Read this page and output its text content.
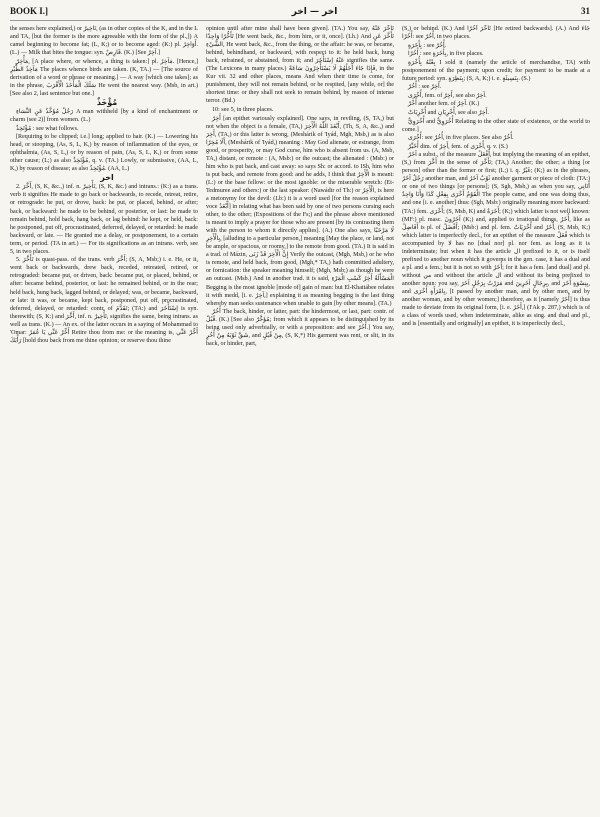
BOOK I.]	اخر — اخر	31

the senses here explained,) or تَأْخِيرٌ, (as in other copies of the K, and in the L and TA, [but the former is the more agreeable with the form of the pl.,]) A camel beginning to become fat; (L, K;) or to become aged: (K:) pl. أَوَاخِرُ. (L.) — Milk that bites the tongue: syn. قَارِصٌ. (K.) [See آخِرٌ.]

مَأْخِرٌ, [A place where, or whence, a thing is taken:] pl. مَآخِرُ. [Hence,] مَآخِذُ الطَّيْرِ The places whence birds are taken. (K, TA.) — [The source of derivation of a word or phrase or meaning.] — A way [which one takes]; as in the phrase, سَلَكَ الْمَأْخَذَ الْأَقْرَبَ He went the nearest way. (Msb, in art.) [See also 2, last sentence but one.]

مُؤْخَذٌ

رَجُلٌ مُؤَخَّذٌ عَنِ النِّسَاءِ A man withheld [by a kind of enchantment or charm (see 2)] from women. (L.)

مُؤْتَخِذٌ : see what follows.

[Requiring to be clipped; i.e.] long; applied to hair. (K.) — Lowering his head, or stooping, (As, S, L, K,) by reason of inflammation of the eyes, or ophthalmia, (As, S, L,) or by reason of pain, (As, S, L, K,) or from some other cause; (L;) as also مُؤْتَخِذٌ, q. v. (TA.) Lowly, or submissive, (AA, L, K,) by reason of disease; as also مُؤْتَخِذٌ. (AA, L.)

اخر

2. أَخَّرَ, (S, K, &c.,) inf. n. تَأْخِيرٌ, (S, K, &c.) and intrans.: (K:) as a trans. verb it signifies He made to go back or backwards, to recede, retreat, retire, or retrograde: he put, or drove, back: he put, or placed, behind, or after; back, or backward: he made to be behind, or posterior, or last: he made to remain behind, hold back, hang back, or lag behind: he kept, or held, back: he postponed, put off, procrastinated, deferred, delayed, or retarded: he made backward, or late. — He granted me a delay, or postponement, to a certain term, or period. (TA in art.) — For its significations as an intrans. verb, see 5, in two places.

5. تَأَخَّرَ is quasi-pass. of the trans. verb أَخَّرَ; (S, A, Msb;) i. e. He, or it, went back or backwards, drew back, receded, retreated, retired, or retrograded: became put, or driven, back: became put, or placed, behind, or after: became behind, posterior, or last: he remained behind, or in the rear; held back, hung back, lagged behind, or delayed; was, or became, backward, or late: it was, or became, kept back, postponed, put off, procrastinated, deferred, delayed, or retarded: contr. of تَقَدَّمَ; (TA:) and اِسْتَأْخَرَ is syn. therewith; (S, K:) and أَخَّرَ, inf. n. تَأْخِيرٌ, signifies the same, being intrans. as well as trans. (K.) — An ex. of the latter occurs in a saying of Mohammad to 'Omar: أَخِّرْ عَنِّي يَا عُمَرُ Retire thou from me: or the meaning is, أَخِّرْ عَنِّي رَأْيَكَ [hold thou back from me thine opinion; or reserve thou thine

opinion until after mine shall have been given]. (TA.) You say, تَأَخَّرَ عَنْهُ تَأَخُّرًا وَاحِدًا [He went back, &c., from him, or it, once]. (Lh.) And تَأَخَّرَ عَنِ الشَّيْءِ, He went back, &c., from the thing, or the affair: he was, or became, behind, behindhand, or backward, with respect to it: he held back, hung back, refrained, or abstained, from it; and عَنْهُ اِسْتَأْخَرَ signifies the same. (The Lexicons in many places.) فَإِذَا جَاءَ أَجَلُهُمْ لَا يَسْتَأْخِرُونَ سَاعَةً, in the Kur vii. 32 and other places, means And when their time is come, for punishment, they will not remain behind, or be respited, [any while, or] the shortest time: or they shall not seek to remain behind, by reason of intense terror. (Bd.)

10: see 5, in three places.

أَخِرٌ [an epithet variously explained]. One says, in reviling, (S, TA,) but not when the object is a female, (TA,) أَبْعَدَ اللّٰهُ الْأَخِرَ, (Th, S, A, &c.,) and أَخِرَ, (TA,) or this latter is wrong, (Meshárik of 'Iyád, Mgh, Msb,) as is also أَلَا مُخِرًا, (Meshárik of 'Iyád,) meaning : May God alienate, or estrange, from good, or prosperity, or may God curse, him who is absent from us. (A, Msb, TA,) distant, or remote : (A, Msb:) or the outcast; the alienated : (Msb:) or him who is put back, and cast away: so says Sh: or accord. to ISh, him who is put back, and remote from good: and he adds, I think that الْأَخِرُ is meant: (L:) or the base fellow: or the most ignoble: or the miserable wretch: (Et-Tedmuree and others:) or the last speaker: (Nawádir of Th:) or الْأَخِرُ, is here a metonymy for the devil: (Lb:) it is a word used [for the reason explained voce أَبْعَدُ] in relating what has been said by one of two persons cursing each other, to the other; (Expositions of the Fs;) and the phrase above mentioned is meant to imply a prayer for those who are present [by its contrasting them with the person to whom it directly applies]. (A.) One also says, لَا مَرْحَبًا بِالْأَخِرِ, [alluding to a particular person,] meaning [May the place, or land, not be ample, or spacious, or roomy,] to the remote from good. (TA.) It is said in a trad. of Mázin, إِنَّ الْأَخِرَ قَدْ زَنَى Verily the outcast, (Mgh, Msb,) or he who is remote, and held back, from good, (Mgh,* TA,) hath committed adultery, or fornication: the speaker meaning himself; (Mgh, Msb;) as though he were an outcast. (Msb.) And in another trad. it is said, الْمَسْأَلَةُ أَخِرُ كَسْبِ الْمَرْءِ Begging is the most ignoble [mode of] gain of man: but El-Khattábee relates it with medd, [i. e. آخِرُ,] explaining it as meaning begging is the last thing whereby man seeks sustenance when unable to gain [by other means]. (TA.)

أُخُرٌ The back, hinder, or latter, part: the hindermost, or last, part: contr. of قُبُلٌ. (K.) [See also مُؤَخَّرٌ; from which it appears to be distinguished by its being used only adverbially, or with a preposition: and see أُخُرٌ.] You say, شَقَّ ثَوْبَهُ مِنْ أُخُرٍ, and مِنْ قُبُلٍ, (S, K,*) His garment was rent, or slit, in its back, or hinder, part,

(S,) or behind. (K.) And تَأَخَّرَ أُخُرًا [He retired backwards]. (A.) And جَاءَ أُخُرًا: see أُخُرٌ, in two places.

بِأَخَرَةٍ : see أُخُرٌ.

أُخُرًا : see بِأُخَرَةٍ, in five places.

بِعْتُهُ بِأُخْرَةٍ I sold it (namely the article of merchandise, TA) with postponement of the payment; upon credit; for payment to be made at a future period: syn. بِنَظِرَةٍ; (S, A, K;) i. e. بِنَسِيئَةٍ. (S.)

أُخُرٌ : see أَخِرٌ.

أُخْرَى, fem. of أَخِرٌ, see also آخِرٌ.

أُخْرٌ another fem. of آخِرٌ. (K.)

أُخْرِيَاتٌ and أُخْرِيَانِ, see also أَخِرٌ.

أُخْرَوِيٌّ and أُخْرَوِيٌّ Relating to the other state of existence, or the world to come.]

أُخْرَى: see أُخُرٌ, in five places. See also أُخُرٌ.

أُخَيِّرٌ dim. of أَخِرٌ, fem. of أُخْرَى, q. v. (S.)

آخَرُ a subst., of the measure أَفْعَلُ, but implying the meaning of an epithet, (S,) from أَخَّرَ in the sense of تَأَخَّرَ; (TA,) Another; the other; a thing [or person] other than the former or first; (L;) i. q. غَيْرٌ; (K;) as in the phrases, رَجُلٌ آخَرُ another man, and ثَوْبٌ آخَرُ another garment or piece of cloth: (TA:) or one of two things [or persons]; (S, Sgh, Msb,) as when you say, أَتَانِي الْقَوْمُ أَخْرَى بِفِعْلِ كَذَا وَأَنَا وَاحِدٌ The people came, and one was doing thus, and one [i. e. another] thus: (Sgh, Msb:) originally meaning more backward: (TA:) fem. أُخْرَى; (S, Msb, K) and أَخَرَةٌ; (K;) which latter is not well known: (MF:) pl. masc. آخَرُونَ (K;) and, applied to irrational things, أُخَرُ, like as أَفَاضِلُ is pl. of أَفْضَلُ; (Msb:) and pl. fem. أُخْرَيَاتٌ and أُخَرُ, (S, Msb, K;) which latter is imperfectly decl., for an epithet of the measure فُعَلُ which is accompanied by لا has no [dual nor] pl. nor fem. as long as it is indeterminate; but when it has the article ال prefixed to it, or is itself prefixed to another noun which it governs in the gen. case, it has a dual and a pl. and a fem.; but it is not so with أُخَرُ; for it has a fem. [and dual] and pl. without من and without the article ال and without its being prefixed to another noun: you say, مَرَرْتُ بِرَجُلٍ آخَرَ and بِرِجَالٍ آخَرِينَ, and بِنِسْوَةٍ أُخَرَ, and بِامْرَأَةٍ أُخْرَى, [I passed by another man, and by other men, and by another woman, and by other women;] therefore, as it [namely أُخَرُ] is thus made to deviate from its original form, [i. e. أَخَرُ,] (I'Ak p. 287,) which is of a class of words used, when indeterminate, alike as sing. and dual and pl., and is [essentially and originally] an epithet, it is imperfectly decl.,
